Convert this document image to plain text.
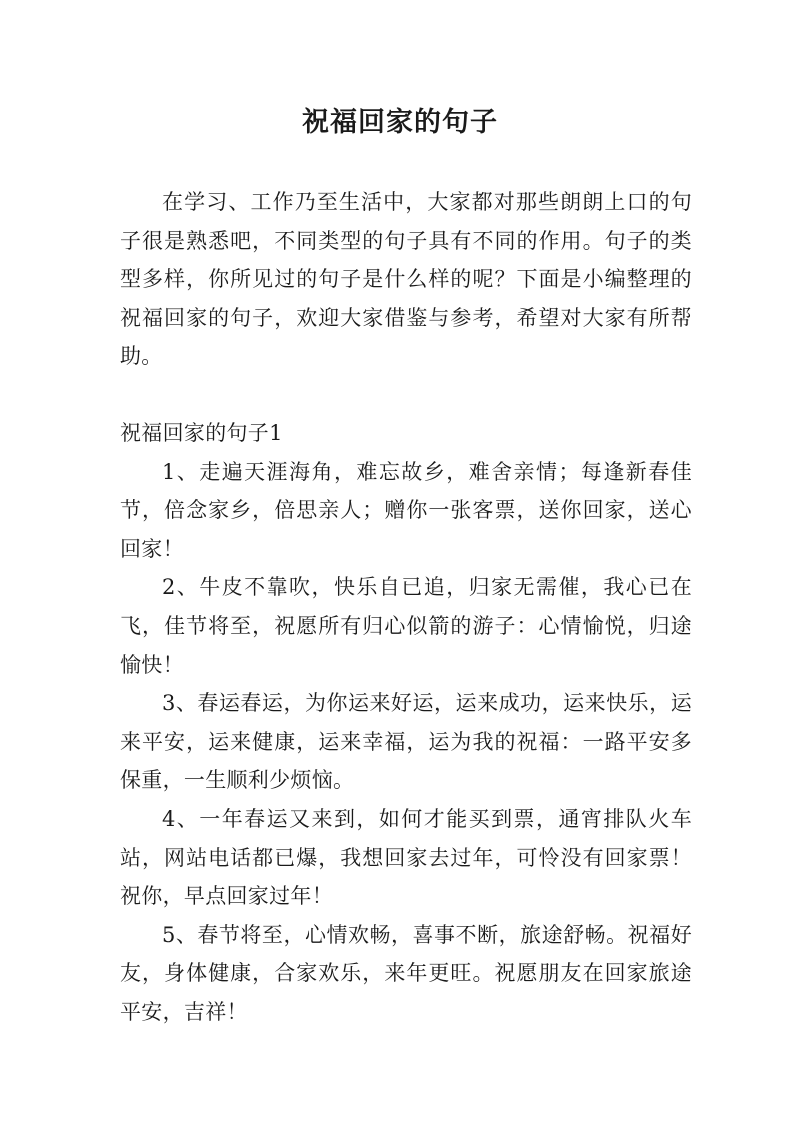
祝福回家的句子

在学习、工作乃至生活中，大家都对那些朗朗上口的句子很是熟悉吧，不同类型的句子具有不同的作用。句子的类型多样，你所见过的句子是什么样的呢？下面是小编整理的祝福回家的句子，欢迎大家借鉴与参考，希望对大家有所帮助。

祝福回家的句子1

1、走遍天涯海角，难忘故乡，难舍亲情；每逢新春佳节，倍念家乡，倍思亲人；赠你一张客票，送你回家，送心回家！

2、牛皮不靠吹，快乐自已追，归家无需催，我心已在飞，佳节将至，祝愿所有归心似箭的游子：心情愉悦，归途愉快！

3、春运春运，为你运来好运，运来成功，运来快乐，运来平安，运来健康，运来幸福，运为我的祝福：一路平安多保重，一生顺利少烦恼。

4、一年春运又来到，如何才能买到票，通宵排队火车站，网站电话都已爆，我想回家去过年，可怜没有回家票！祝你，早点回家过年！

5、春节将至，心情欢畅，喜事不断，旅途舒畅。祝福好友，身体健康，合家欢乐，来年更旺。祝愿朋友在回家旅途平安，吉祥！
